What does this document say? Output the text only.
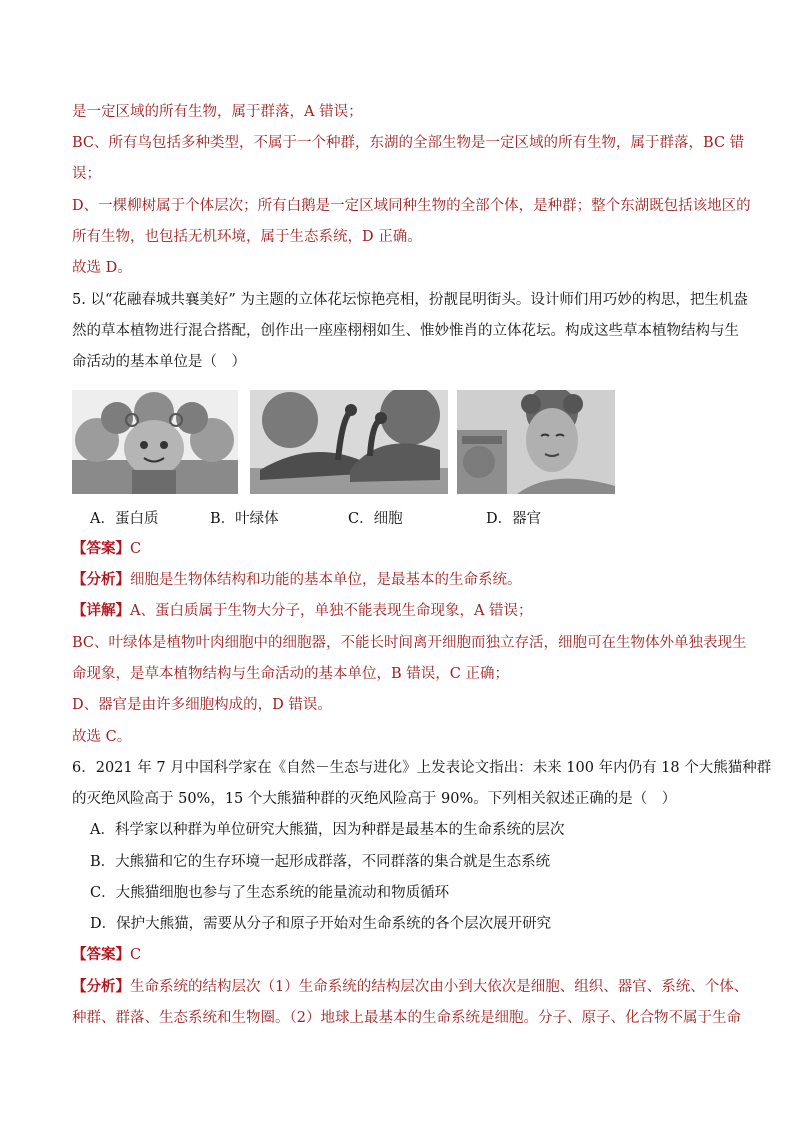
是一定区域的所有生物，属于群落，A 错误；
BC、所有鸟包括多种类型，不属于一个种群，东湖的全部生物是一定区域的所有生物，属于群落，BC 错
误；
D、一棵柳树属于个体层次；所有白鹅是一定区域同种生物的全部个体，是种群；整个东湖既包括该地区的
所有生物，也包括无机环境，属于生态系统，D 正确。
故选 D。
5. 以“花融春城共襄美好” 为主题的立体花坛惊艳亮相，扮靓昆明街头。设计师们用巧妙的构思，把生机盎
然的草本植物进行混合搭配，创作出一座座栩栩如生、惟妙惟肖的立体花坛。构成这些草本植物结构与生
命活动的基本单位是（　）
A．蛋白质	B．叶绿体	C．细胞	D．器官
【答案】C
【分析】细胞是生物体结构和功能的基本单位，是最基本的生命系统。
【详解】A、蛋白质属于生物大分子，单独不能表现生命现象，A 错误；
BC、叶绿体是植物叶肉细胞中的细胞器，不能长时间离开细胞而独立存活，细胞可在生物体外单独表现生
命现象，是草本植物结构与生命活动的基本单位，B 错误，C 正确；
D、器官是由许多细胞构成的，D 错误。
故选 C。
6．2021 年 7 月中国科学家在《自然－生态与进化》上发表论文指出：未来 100 年内仍有 18 个大熊猫种群
的灭绝风险高于 50%，15 个大熊猫种群的灭绝风险高于 90%。下列相关叙述正确的是（　）
A．科学家以种群为单位研究大熊猫，因为种群是最基本的生命系统的层次
B．大熊猫和它的生存环境一起形成群落，不同群落的集合就是生态系统
C．大熊猫细胞也参与了生态系统的能量流动和物质循环
D．保护大熊猫，需要从分子和原子开始对生命系统的各个层次展开研究
【答案】C
【分析】生命系统的结构层次（1）生命系统的结构层次由小到大依次是细胞、组织、器官、系统、个体、
种群、群落、生态系统和生物圈。（2）地球上最基本的生命系统是细胞。分子、原子、化合物不属于生命
